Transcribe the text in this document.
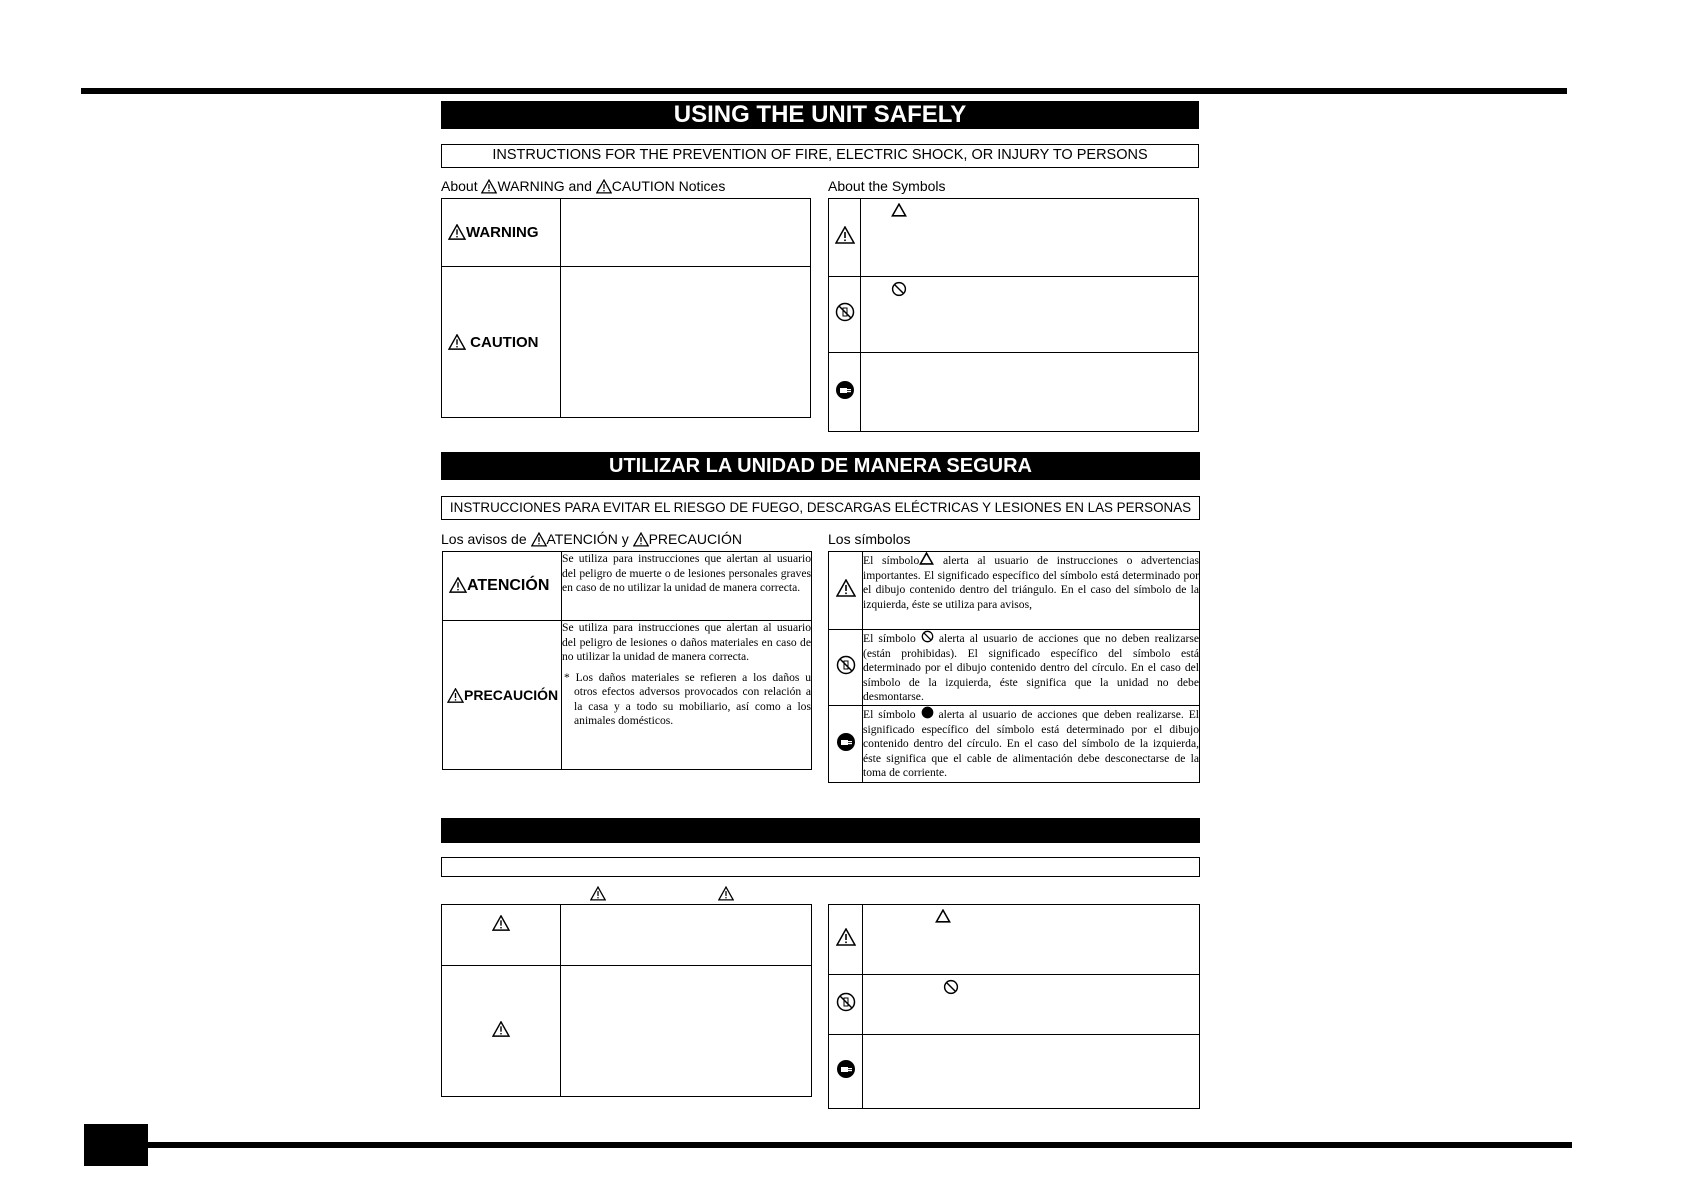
USING THE UNIT SAFELY
INSTRUCTIONS FOR THE PREVENTION OF FIRE, ELECTRIC SHOCK, OR INJURY TO PERSONS
About WARNING and CAUTION Notices	About the Symbols
WARNING	

CAUTION	

UTILIZAR LA UNIDAD DE MANERA SEGURA
INSTRUCCIONES PARA EVITAR EL RIESGO DE FUEGO, DESCARGAS ELÉCTRICAS Y LESIONES EN LAS PERSONAS
Los avisos de ATENCIÓN y PRECAUCIÓN	Los símbolos
ATENCIÓN	Se utiliza para instrucciones que alertan al usuario del peligro de muerte o de lesiones personales graves en caso de no utilizar la unidad de manera correcta.

PRECAUCIÓN	Se utiliza para instrucciones que alertan al usuario del peligro de lesiones o daños materiales en caso de no utilizar la unidad de manera correcta.

* Los daños materiales se refieren a los daños u otros efectos adversos provocados con relación a la casa y a todo su mobiliario, así como a los animales domésticos.

El símbolo alerta al usuario de instrucciones o advertencias importantes. El significado específico del símbolo está determinado por el dibujo contenido dentro del triángulo. En el caso del símbolo de la izquierda, éste se utiliza para avisos,

El símbolo alerta al usuario de acciones que no deben realizarse (están prohibidas). El significado específico del símbolo está determinado por el dibujo contenido dentro del círculo. En el caso del símbolo de la izquierda, éste significa que la unidad no debe desmontarse.

El símbolo alerta al usuario de acciones que deben realizarse. El significado específico del símbolo está determinado por el dibujo contenido dentro del círculo. En el caso del símbolo de la izquierda, éste significa que el cable de alimentación debe desconectarse de la toma de corriente.
